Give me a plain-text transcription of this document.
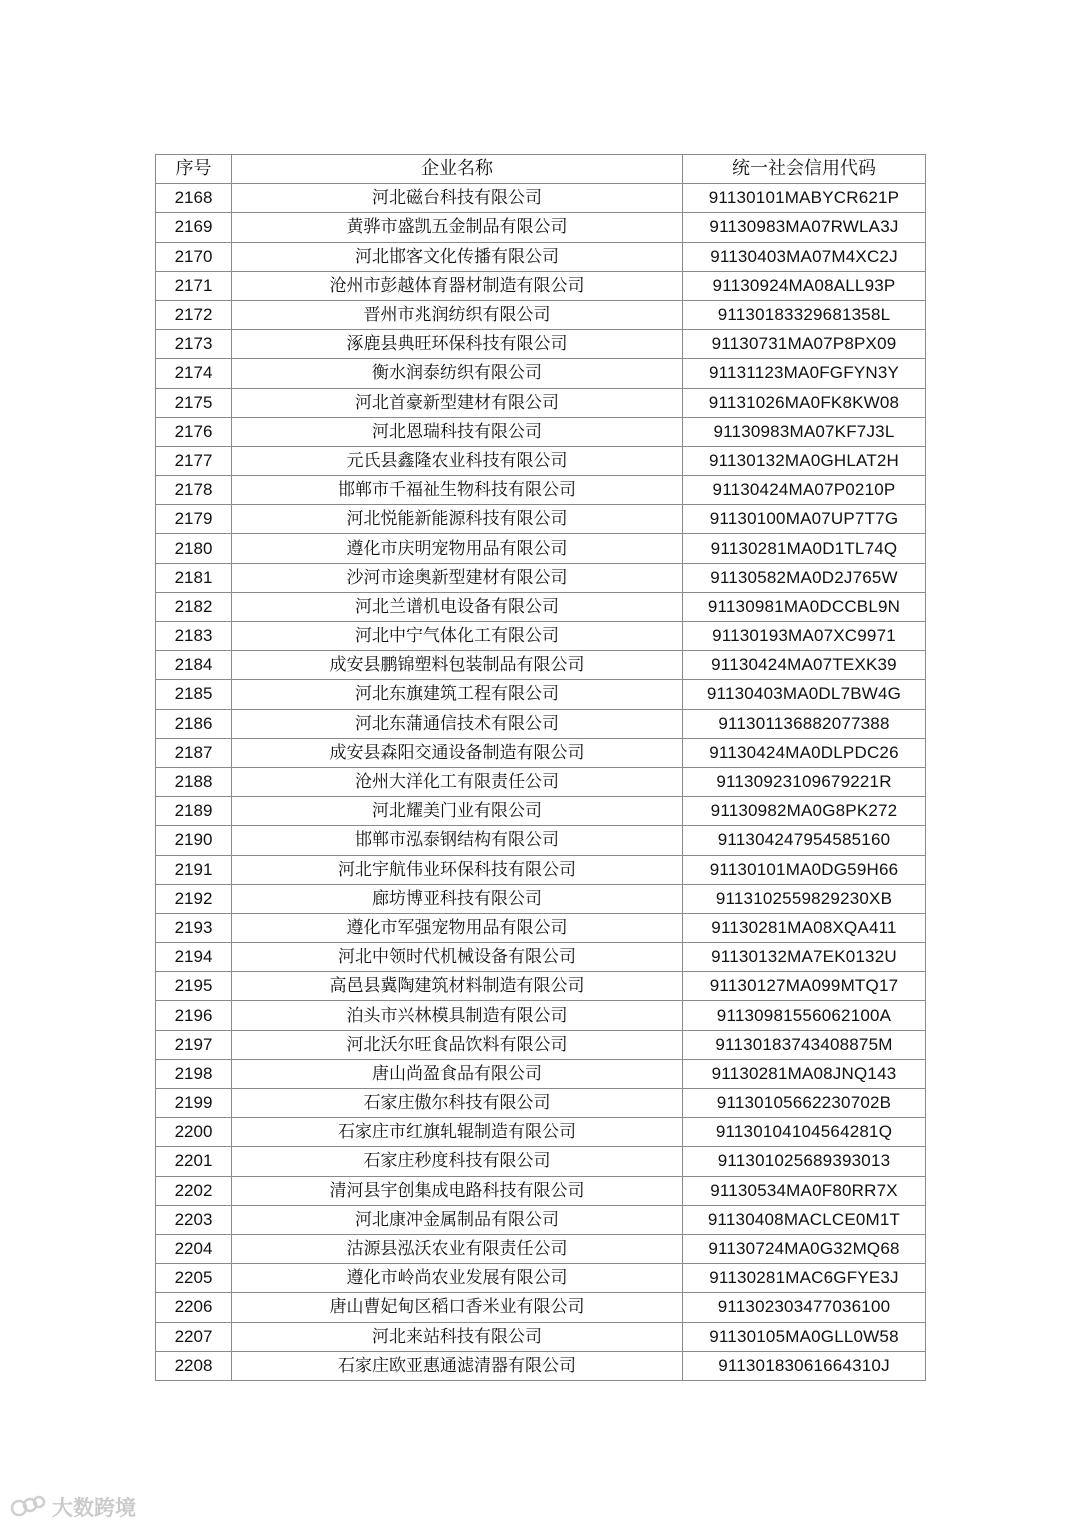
序号	企业名称	统一社会信用代码
2168	河北磁台科技有限公司	91130101MABYCR621P
2169	黄骅市盛凯五金制品有限公司	91130983MA07RWLA3J
2170	河北邯客文化传播有限公司	91130403MA07M4XC2J
2171	沧州市彭越体育器材制造有限公司	91130924MA08ALL93P
2172	晋州市兆润纺织有限公司	91130183329681358L
2173	涿鹿县典旺环保科技有限公司	91130731MA07P8PX09
2174	衡水润泰纺织有限公司	91131123MA0FGFYN3Y
2175	河北首豪新型建材有限公司	91131026MA0FK8KW08
2176	河北恩瑞科技有限公司	91130983MA07KF7J3L
2177	元氏县鑫隆农业科技有限公司	91130132MA0GHLAT2H
2178	邯郸市千福祉生物科技有限公司	91130424MA07P0210P
2179	河北悦能新能源科技有限公司	91130100MA07UP7T7G
2180	遵化市庆明宠物用品有限公司	91130281MA0D1TL74Q
2181	沙河市途奥新型建材有限公司	91130582MA0D2J765W
2182	河北兰谱机电设备有限公司	91130981MA0DCCBL9N
2183	河北中宁气体化工有限公司	91130193MA07XC9971
2184	成安县鹏锦塑料包装制品有限公司	91130424MA07TEXK39
2185	河北东旗建筑工程有限公司	91130403MA0DL7BW4G
2186	河北东蒲通信技术有限公司	911301136882077388
2187	成安县森阳交通设备制造有限公司	91130424MA0DLPDC26
2188	沧州大洋化工有限责任公司	91130923109679221R
2189	河北耀美门业有限公司	91130982MA0G8PK272
2190	邯郸市泓泰钢结构有限公司	911304247954585160
2191	河北宇航伟业环保科技有限公司	91130101MA0DG59H66
2192	廊坊博亚科技有限公司	9113102559829230XB
2193	遵化市军强宠物用品有限公司	91130281MA08XQA411
2194	河北中领时代机械设备有限公司	91130132MA7EK0132U
2195	高邑县冀陶建筑材料制造有限公司	91130127MA099MTQ17
2196	泊头市兴林模具制造有限公司	91130981556062100A
2197	河北沃尔旺食品饮料有限公司	91130183743408875M
2198	唐山尚盈食品有限公司	91130281MA08JNQ143
2199	石家庄傲尔科技有限公司	91130105662230702B
2200	石家庄市红旗轧辊制造有限公司	91130104104564281Q
2201	石家庄秒度科技有限公司	911301025689393013
2202	清河县宇创集成电路科技有限公司	91130534MA0F80RR7X
2203	河北康冲金属制品有限公司	91130408MACLCE0M1T
2204	沽源县泓沃农业有限责任公司	91130724MA0G32MQ68
2205	遵化市岭尚农业发展有限公司	91130281MAC6GFYE3J
2206	唐山曹妃甸区稻口香米业有限公司	911302303477036100
2207	河北来站科技有限公司	91130105MA0GLL0W58
2208	石家庄欧亚惠通滤清器有限公司	91130183061664310J
大数跨境
